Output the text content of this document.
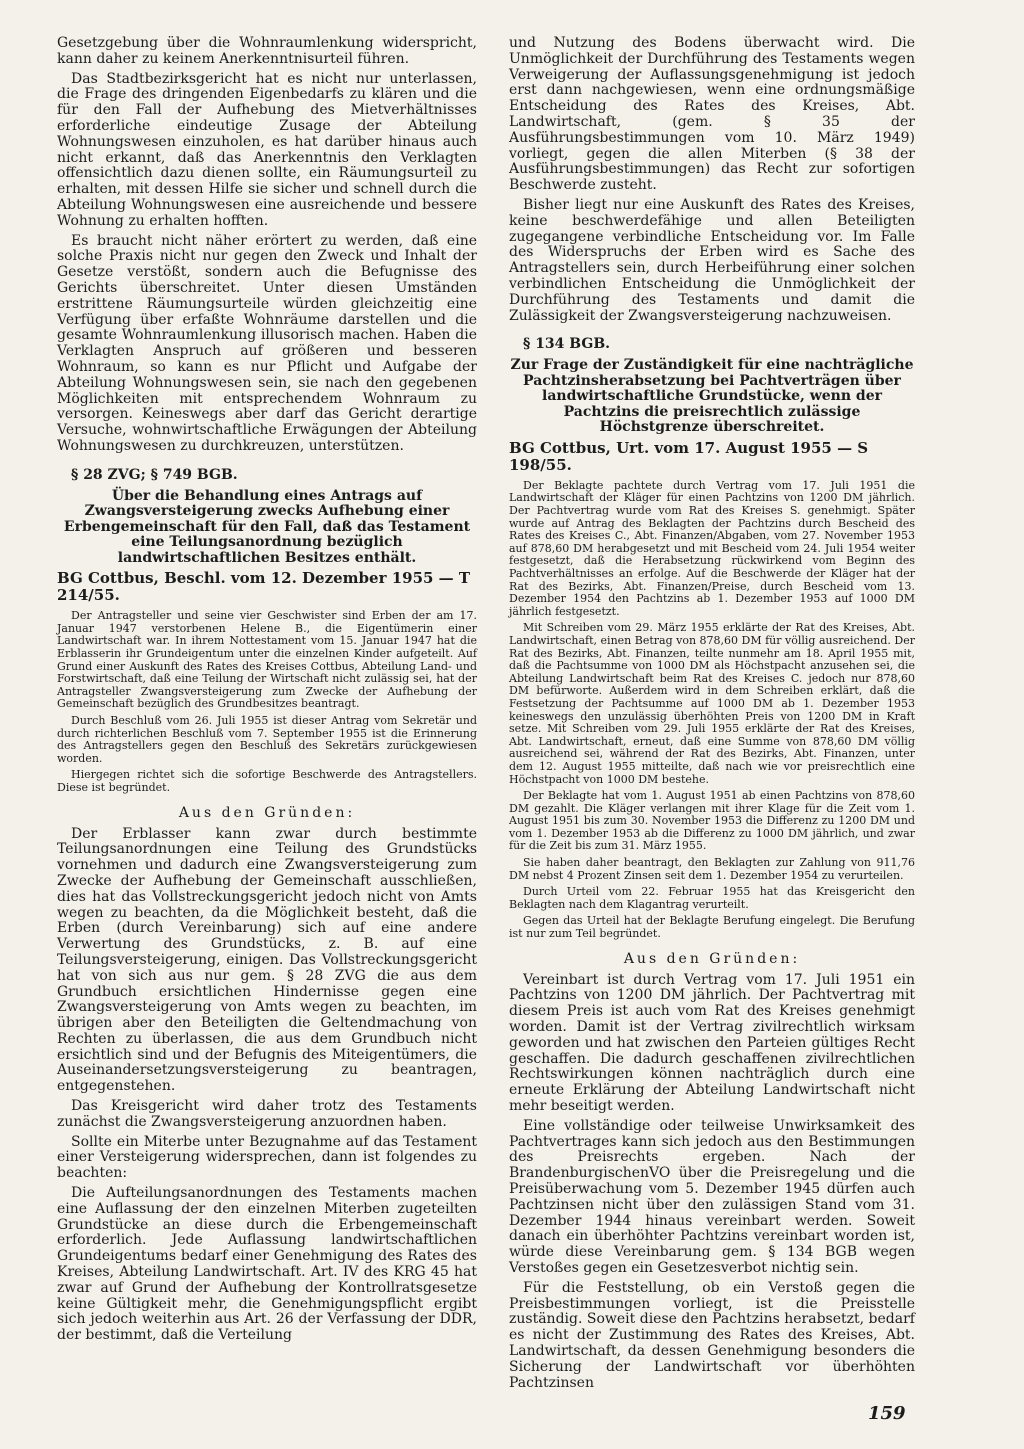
Gesetzgebung über die Wohnraumlenkung widerspricht, kann daher zu keinem Anerkenntnisurteil führen.

Das Stadtbezirksgericht hat es nicht nur unterlassen, die Frage des dringenden Eigenbedarfs zu klären und die für den Fall der Aufhebung des Mietverhältnisses erforderliche eindeutige Zusage der Abteilung Wohnungswesen einzuholen, es hat darüber hinaus auch nicht erkannt, daß das Anerkenntnis den Verklagten offensichtlich dazu dienen sollte, ein Räumungsurteil zu erhalten, mit dessen Hilfe sie sicher und schnell durch die Abteilung Wohnungswesen eine ausreichende und bessere Wohnung zu erhalten hofften.

Es braucht nicht näher erörtert zu werden, daß eine solche Praxis nicht nur gegen den Zweck und Inhalt der Gesetze verstößt, sondern auch die Befugnisse des Gerichts überschreitet. Unter diesen Umständen erstrittene Räumungsurteile würden gleichzeitig eine Verfügung über erfaßte Wohnräume darstellen und die gesamte Wohnraumlenkung illusorisch machen. Haben die Verklagten Anspruch auf größeren und besseren Wohnraum, so kann es nur Pflicht und Aufgabe der Abteilung Wohnungswesen sein, sie nach den gegebenen Möglichkeiten mit entsprechendem Wohnraum zu versorgen. Keineswegs aber darf das Gericht derartige Versuche, wohnwirtschaftliche Erwägungen der Abteilung Wohnungswesen zu durchkreuzen, unterstützen.

§ 28 ZVG; § 749 BGB.

Über die Behandlung eines Antrags auf Zwangsversteigerung zwecks Aufhebung einer Erbengemeinschaft für den Fall, daß das Testament eine Teilungsanordnung bezüglich landwirtschaftlichen Besitzes enthält.

BG Cottbus, Beschl. vom 12. Dezember 1955 — T 214/55.

Der Antragsteller und seine vier Geschwister sind Erben der am 17. Januar 1947 verstorbenen Helene B., die Eigentümerin einer Landwirtschaft war. In ihrem Nottestament vom 15. Januar 1947 hat die Erblasserin ihr Grundeigentum unter die einzelnen Kinder aufgeteilt. Auf Grund einer Auskunft des Rates des Kreises Cottbus, Abteilung Land- und Forstwirtschaft, daß eine Teilung der Wirtschaft nicht zulässig sei, hat der Antragsteller Zwangsversteigerung zum Zwecke der Aufhebung der Gemeinschaft bezüglich des Grundbesitzes beantragt.

Durch Beschluß vom 26. Juli 1955 ist dieser Antrag vom Sekretär und durch richterlichen Beschluß vom 7. September 1955 ist die Erinnerung des Antragstellers gegen den Beschluß des Sekretärs zurückgewiesen worden.

Hiergegen richtet sich die sofortige Beschwerde des Antragstellers. Diese ist begründet.

Aus den Gründen:

Der Erblasser kann zwar durch bestimmte Teilungsanordnungen eine Teilung des Grundstücks vornehmen und dadurch eine Zwangsversteigerung zum Zwecke der Aufhebung der Gemeinschaft ausschließen, dies hat das Vollstreckungsgericht jedoch nicht von Amts wegen zu beachten, da die Möglichkeit besteht, daß die Erben (durch Vereinbarung) sich auf eine andere Verwertung des Grundstücks, z. B. auf eine Teilungsversteigerung, einigen. Das Vollstreckungsgericht hat von sich aus nur gem. § 28 ZVG die aus dem Grundbuch ersichtlichen Hindernisse gegen eine Zwangsversteigerung von Amts wegen zu beachten, im übrigen aber den Beteiligten die Geltendmachung von Rechten zu überlassen, die aus dem Grundbuch nicht ersichtlich sind und der Befugnis des Miteigentümers, die Auseinandersetzungsversteigerung zu beantragen, entgegenstehen.

Das Kreisgericht wird daher trotz des Testaments zunächst die Zwangsversteigerung anzuordnen haben.

Sollte ein Miterbe unter Bezugnahme auf das Testament einer Versteigerung widersprechen, dann ist folgendes zu beachten:

Die Aufteilungsanordnungen des Testaments machen eine Auflassung der den einzelnen Miterben zugeteilten Grundstücke an diese durch die Erbengemeinschaft erforderlich. Jede Auflassung landwirtschaftlichen Grundeigentums bedarf einer Genehmigung des Rates des Kreises, Abteilung Landwirtschaft. Art. IV des KRG 45 hat zwar auf Grund der Aufhebung der Kontrollratsgesetze keine Gültigkeit mehr, die Genehmigungspflicht ergibt sich jedoch weiterhin aus Art. 26 der Verfassung der DDR, der bestimmt, daß die Verteilung

und Nutzung des Bodens überwacht wird. Die Unmöglichkeit der Durchführung des Testaments wegen Verweigerung der Auflassungsgenehmigung ist jedoch erst dann nachgewiesen, wenn eine ordnungsmäßige Entscheidung des Rates des Kreises, Abt. Landwirtschaft, (gem. § 35 der Ausführungsbestimmungen vom 10. März 1949) vorliegt, gegen die allen Miterben (§ 38 der Ausführungsbestimmungen) das Recht zur sofortigen Beschwerde zusteht.

Bisher liegt nur eine Auskunft des Rates des Kreises, keine beschwerdefähige und allen Beteiligten zugegangene verbindliche Entscheidung vor. Im Falle des Widerspruchs der Erben wird es Sache des Antragstellers sein, durch Herbeiführung einer solchen verbindlichen Entscheidung die Unmöglichkeit der Durchführung des Testaments und damit die Zulässigkeit der Zwangsversteigerung nachzuweisen.

§ 134 BGB.

Zur Frage der Zuständigkeit für eine nachträgliche Pachtzinsherabsetzung bei Pachtverträgen über landwirtschaftliche Grundstücke, wenn der Pachtzins die preisrechtlich zulässige Höchstgrenze überschreitet.

BG Cottbus, Urt. vom 17. August 1955 — S 198/55.

Der Beklagte pachtete durch Vertrag vom 17. Juli 1951 die Landwirtschaft der Kläger für einen Pachtzins von 1200 DM jährlich. Der Pachtvertrag wurde vom Rat des Kreises S. genehmigt. Später wurde auf Antrag des Beklagten der Pachtzins durch Bescheid des Rates des Kreises C., Abt. Finanzen/Abgaben, vom 27. November 1953 auf 878,60 DM herabgesetzt und mit Bescheid vom 24. Juli 1954 weiter festgesetzt, daß die Herabsetzung rückwirkend vom Beginn des Pachtverhältnisses an erfolge. Auf die Beschwerde der Kläger hat der Rat des Bezirks, Abt. Finanzen/Preise, durch Bescheid vom 13. Dezember 1954 den Pachtzins ab 1. Dezember 1953 auf 1000 DM jährlich festgesetzt.

Mit Schreiben vom 29. März 1955 erklärte der Rat des Kreises, Abt. Landwirtschaft, einen Betrag von 878,60 DM für völlig ausreichend. Der Rat des Bezirks, Abt. Finanzen, teilte nunmehr am 18. April 1955 mit, daß die Pachtsumme von 1000 DM als Höchstpacht anzusehen sei, die Abteilung Landwirtschaft beim Rat des Kreises C. jedoch nur 878,60 DM befürworte. Außerdem wird in dem Schreiben erklärt, daß die Festsetzung der Pachtsumme auf 1000 DM ab 1. Dezember 1953 keineswegs den unzulässig überhöhten Preis von 1200 DM in Kraft setze. Mit Schreiben vom 29. Juli 1955 erklärte der Rat des Kreises, Abt. Landwirtschaft, erneut, daß eine Summe von 878,60 DM völlig ausreichend sei, während der Rat des Bezirks, Abt. Finanzen, unter dem 12. August 1955 mitteilte, daß nach wie vor preisrechtlich eine Höchstpacht von 1000 DM bestehe.

Der Beklagte hat vom 1. August 1951 ab einen Pachtzins von 878,60 DM gezahlt. Die Kläger verlangen mit ihrer Klage für die Zeit vom 1. August 1951 bis zum 30. November 1953 die Differenz zu 1200 DM und vom 1. Dezember 1953 ab die Differenz zu 1000 DM jährlich, und zwar für die Zeit bis zum 31. März 1955.

Sie haben daher beantragt, den Beklagten zur Zahlung von 911,76 DM nebst 4 Prozent Zinsen seit dem 1. Dezember 1954 zu verurteilen.

Durch Urteil vom 22. Februar 1955 hat das Kreisgericht den Beklagten nach dem Klagantrag verurteilt.

Gegen das Urteil hat der Beklagte Berufung eingelegt. Die Berufung ist nur zum Teil begründet.

Aus den Gründen:

Vereinbart ist durch Vertrag vom 17. Juli 1951 ein Pachtzins von 1200 DM jährlich. Der Pachtvertrag mit diesem Preis ist auch vom Rat des Kreises genehmigt worden. Damit ist der Vertrag zivilrechtlich wirksam geworden und hat zwischen den Parteien gültiges Recht geschaffen. Die dadurch geschaffenen zivilrechtlichen Rechtswirkungen können nachträglich durch eine erneute Erklärung der Abteilung Landwirtschaft nicht mehr beseitigt werden.

Eine vollständige oder teilweise Unwirksamkeit des Pachtvertrages kann sich jedoch aus den Bestimmungen des Preisrechts ergeben. Nach der BrandenburgischenVO über die Preisregelung und die Preisüberwachung vom 5. Dezember 1945 dürfen auch Pachtzinsen nicht über den zulässigen Stand vom 31. Dezember 1944 hinaus vereinbart werden. Soweit danach ein überhöhter Pachtzins vereinbart worden ist, würde diese Vereinbarung gem. § 134 BGB wegen Verstoßes gegen ein Gesetzesverbot nichtig sein.

Für die Feststellung, ob ein Verstoß gegen die Preisbestimmungen vorliegt, ist die Preisstelle zuständig. Soweit diese den Pachtzins herabsetzt, bedarf es nicht der Zustimmung des Rates des Kreises, Abt. Landwirtschaft, da dessen Genehmigung besonders die Sicherung der Landwirtschaft vor überhöhten Pachtzinsen

159
